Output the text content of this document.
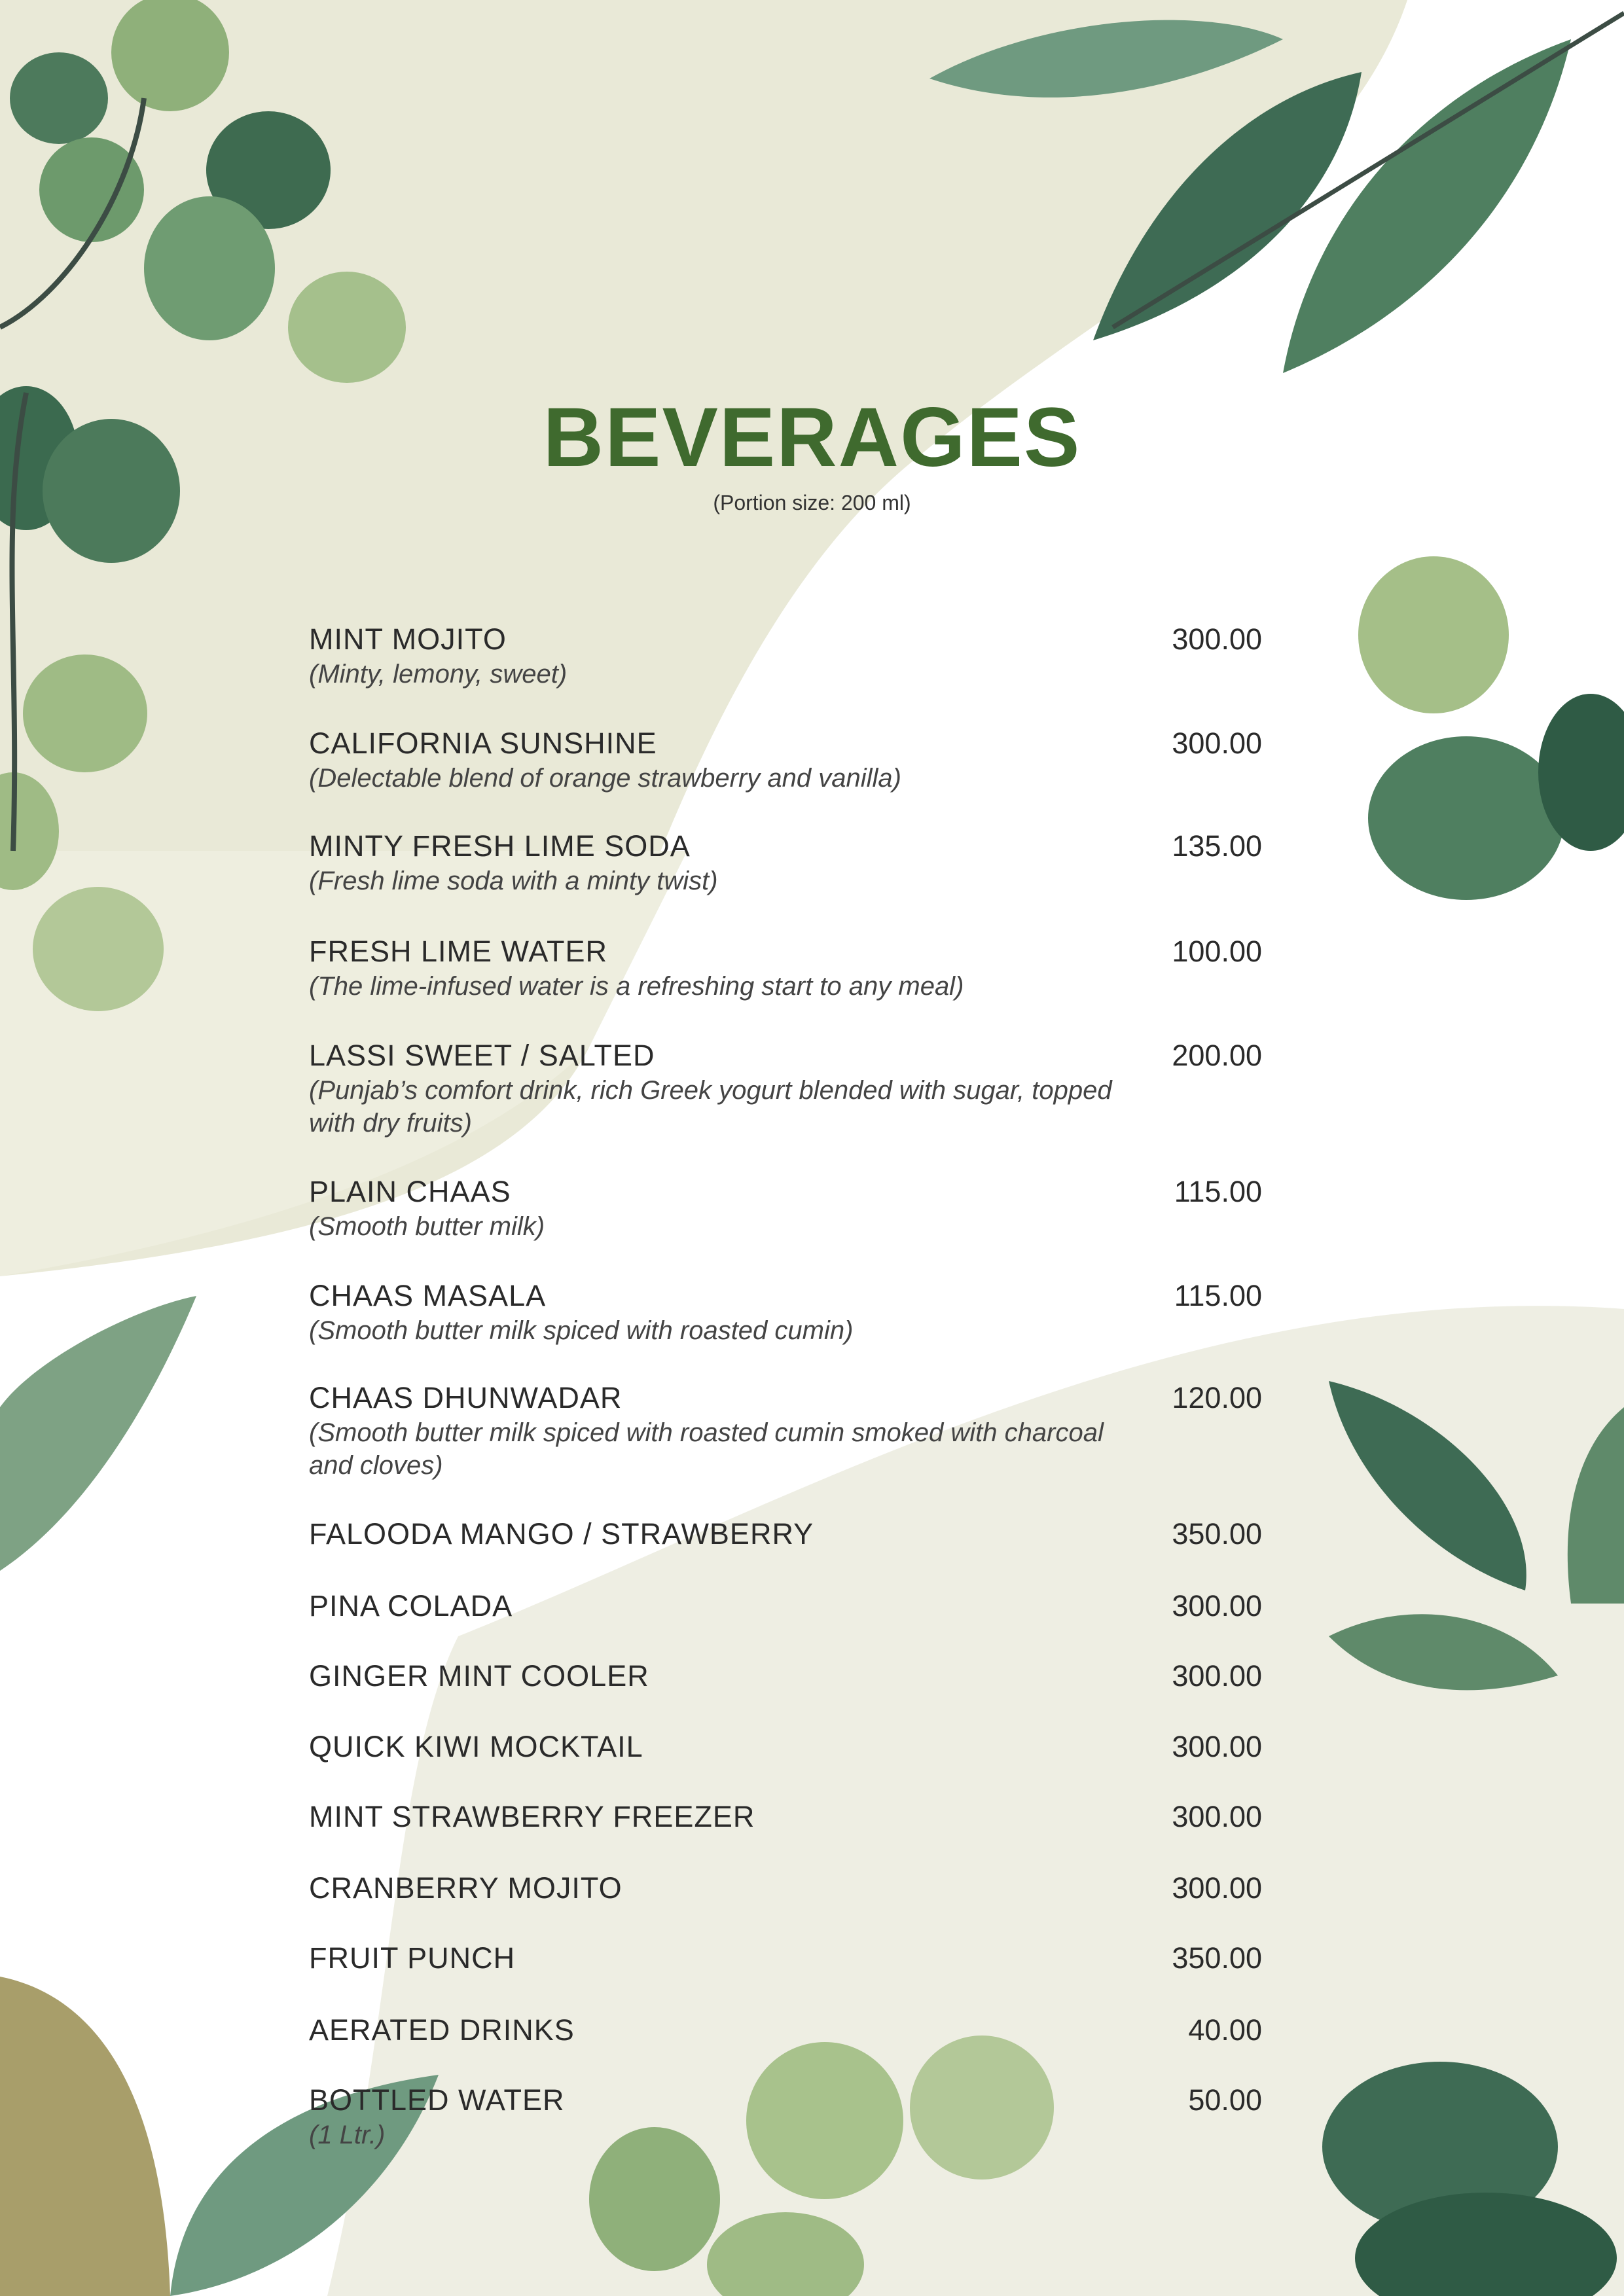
BEVERAGES
(Portion size: 200 ml)
MINT MOJITO	300.00
(Minty, lemony, sweet)
CALIFORNIA SUNSHINE	300.00
(Delectable blend of orange strawberry and vanilla)
MINTY FRESH LIME SODA	135.00
(Fresh lime soda with a minty twist)
FRESH LIME WATER	100.00
(The lime-infused water is a refreshing start to any meal)
LASSI SWEET / SALTED	200.00
(Punjab’s comfort drink, rich Greek yogurt blended with sugar, topped with dry fruits)
PLAIN CHAAS	115.00
(Smooth butter milk)
CHAAS MASALA	115.00
(Smooth butter milk spiced with roasted cumin)
CHAAS DHUNWADAR	120.00
(Smooth butter milk spiced with roasted cumin smoked with charcoal and cloves)
FALOODA MANGO / STRAWBERRY	350.00
PINA COLADA	300.00
GINGER MINT COOLER	300.00
QUICK KIWI MOCKTAIL	300.00
MINT STRAWBERRY FREEZER	300.00
CRANBERRY MOJITO	300.00
FRUIT PUNCH	350.00
AERATED DRINKS	40.00
BOTTLED WATER	50.00
(1 Ltr.)
